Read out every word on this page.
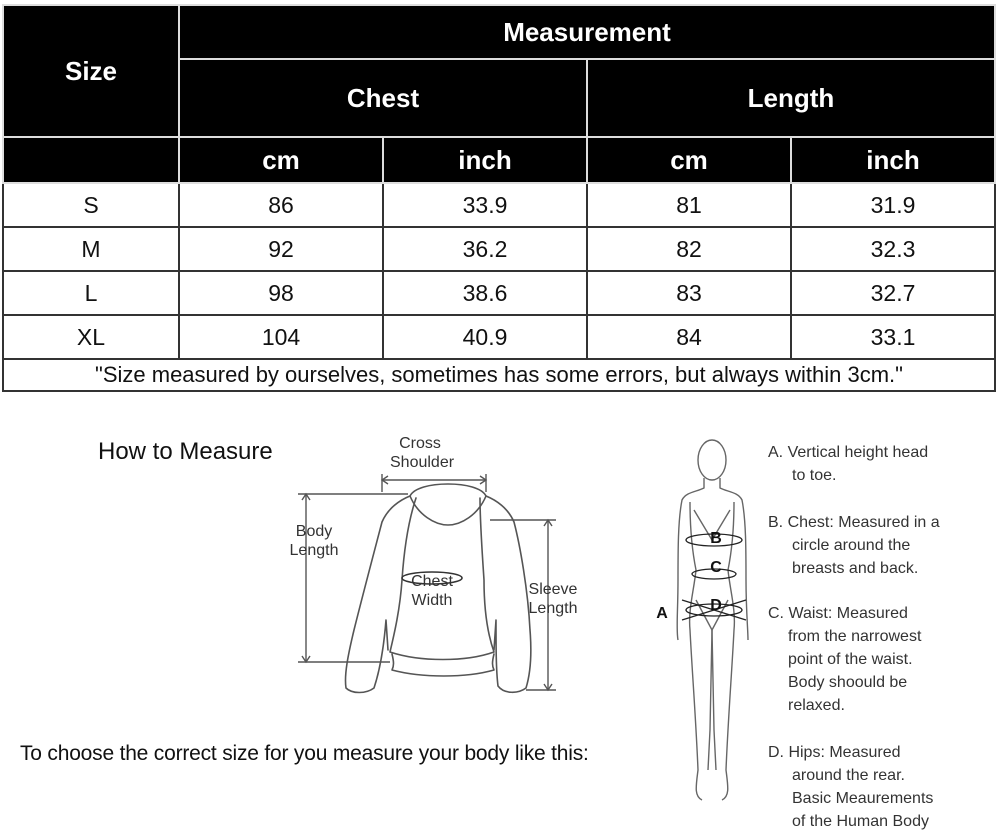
Size	Measurement			
	Chest		Length	
	cm	inch	cm	inch
S	86	33.9	81	31.9
M	92	36.2	82	32.3
L	98	38.6	83	32.7
XL	104	40.9	84	33.1
"Size measured by ourselves, sometimes has some errors, but always within 3cm."				
How to Measure
To choose the correct size for you measure your body like this:
Cross
Shoulder
Body
Length
Chest
Width
Sleeve
Length
B
C
D
A
A. Vertical height head
to toe.
B. Chest: Measured in a
circle around the
breasts and back.
C. Waist: Measured
from the narrowest
point of the waist.
Body shoould be
relaxed.
D. Hips: Measured
around the rear.
Basic Meaurements
of the Human Body
